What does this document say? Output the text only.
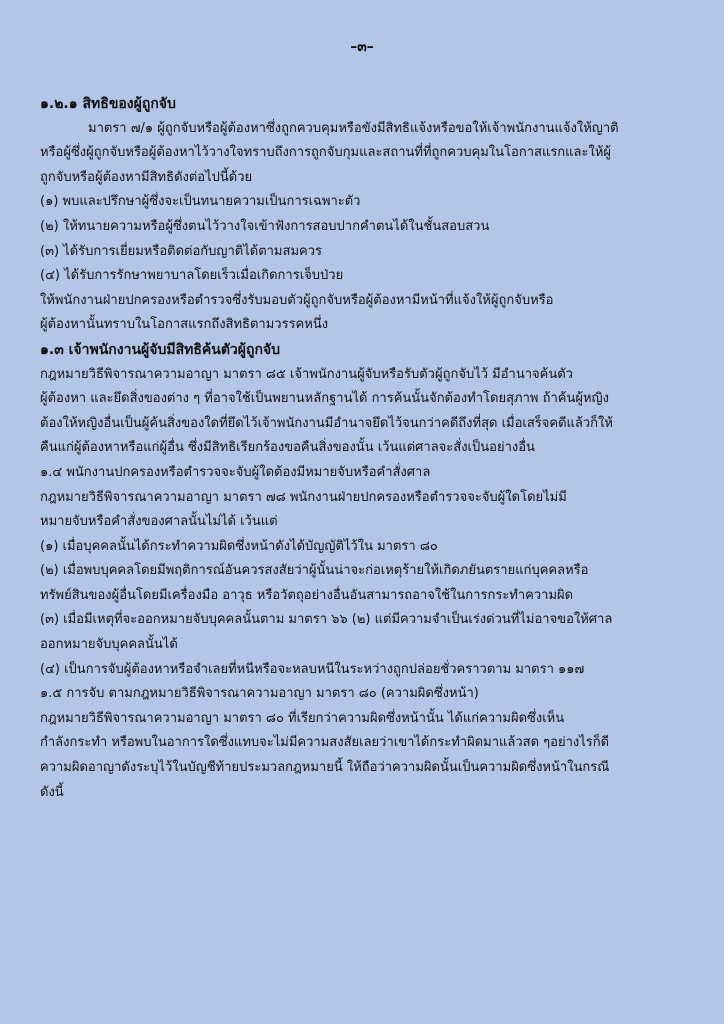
–๓–
๑.๒.๑ สิทธิของผู้ถูกจับ
มาตรา ๗/๑ ผู้ถูกจับหรือผู้ต้องหาซึ่งถูกควบคุมหรือขังมีสิทธิแจ้งหรือขอให้เจ้าพนักงานแจ้งให้ญาติ
หรือผู้ซึ่งผู้ถูกจับหรือผู้ต้องหาไว้วางใจทราบถึงการถูกจับกุมและสถานที่ที่ถูกควบคุมในโอกาสแรกและให้ผู้
ถูกจับหรือผู้ต้องหามีสิทธิดังต่อไปนี้ด้วย
(๑) พบและปรึกษาผู้ซึ่งจะเป็นทนายความเป็นการเฉพาะตัว
(๒) ให้ทนายความหรือผู้ซึ่งตนไว้วางใจเข้าฟังการสอบปากคำตนได้ในชั้นสอบสวน
(๓) ได้รับการเยี่ยมหรือติดต่อกับญาติได้ตามสมควร
(๔) ได้รับการรักษาพยาบาลโดยเร็วเมื่อเกิดการเจ็บป่วย
ให้พนักงานฝ่ายปกครองหรือตำรวจซึ่งรับมอบตัวผู้ถูกจับหรือผู้ต้องหามีหน้าที่แจ้งให้ผู้ถูกจับหรือ
ผู้ต้องหานั้นทราบในโอกาสแรกถึงสิทธิตามวรรคหนึ่ง
๑.๓ เจ้าพนักงานผู้จับมีสิทธิค้นตัวผู้ถูกจับ
กฎหมายวิธีพิจารณาความอาญา มาตรา ๘๕ เจ้าพนักงานผู้จับหรือรับตัวผู้ถูกจับไว้ มีอำนาจค้นตัว
ผู้ต้องหา และยึดสิ่งของต่าง ๆ ที่อาจใช้เป็นพยานหลักฐานได้ การค้นนั้นจักต้องทำโดยสุภาพ ถ้าค้นผู้หญิง
ต้องให้หญิงอื่นเป็นผู้ค้นสิ่งของใดที่ยึดไว้เจ้าพนักงานมีอำนาจยึดไว้จนกว่าคดีถึงที่สุด เมื่อเสร็จคดีแล้วก็ให้
คืนแก่ผู้ต้องหาหรือแก่ผู้อื่น ซึ่งมีสิทธิเรียกร้องขอคืนสิ่งของนั้น เว้นแต่ศาลจะสั่งเป็นอย่างอื่น
๑.๔ พนักงานปกครองหรือตำรวจจะจับผู้ใดต้องมีหมายจับหรือคำสั่งศาล
กฎหมายวิธีพิจารณาความอาญา มาตรา ๗๘ พนักงานฝ่ายปกครองหรือตำรวจจะจับผู้ใดโดยไม่มี
หมายจับหรือคำสั่งของศาลนั้นไม่ได้ เว้นแต่
(๑) เมื่อบุคคลนั้นได้กระทำความผิดซึ่งหน้าดังได้บัญญัติไว้ใน มาตรา ๘๐
(๒) เมื่อพบบุคคลโดยมีพฤติการณ์อันควรสงสัยว่าผู้นั้นน่าจะก่อเหตุร้ายให้เกิดภยันตรายแก่บุคคลหรือ
ทรัพย์สินของผู้อื่นโดยมีเครื่องมือ อาวุธ หรือวัตถุอย่างอื่นอันสามารถอาจใช้ในการกระทำความผิด
(๓) เมื่อมีเหตุที่จะออกหมายจับบุคคลนั้นตาม มาตรา ๖๖ (๒) แต่มีความจำเป็นเร่งด่วนที่ไม่อาจขอให้ศาล
ออกหมายจับบุคคลนั้นได้
(๔) เป็นการจับผู้ต้องหาหรือจำเลยที่หนีหรือจะหลบหนีในระหว่างถูกปล่อยชั่วคราวตาม มาตรา ๑๑๗
๑.๕ การจับ ตามกฎหมายวิธีพิจารณาความอาญา มาตรา ๘๐ (ความผิดซึ่งหน้า)
กฎหมายวิธีพิจารณาความอาญา มาตรา ๘๐ ที่เรียกว่าความผิดซึ่งหน้านั้น ได้แก่ความผิดซึ่งเห็น
กำลังกระทำ หรือพบในอาการใดซึ่งแทบจะไม่มีความสงสัยเลยว่าเขาได้กระทำผิดมาแล้วสด ๆอย่างไรก็ดี
ความผิดอาญาดังระบุไว้ในบัญชีท้ายประมวลกฎหมายนี้ ให้ถือว่าความผิดนั้นเป็นความผิดซึ่งหน้าในกรณี
ดังนี้
